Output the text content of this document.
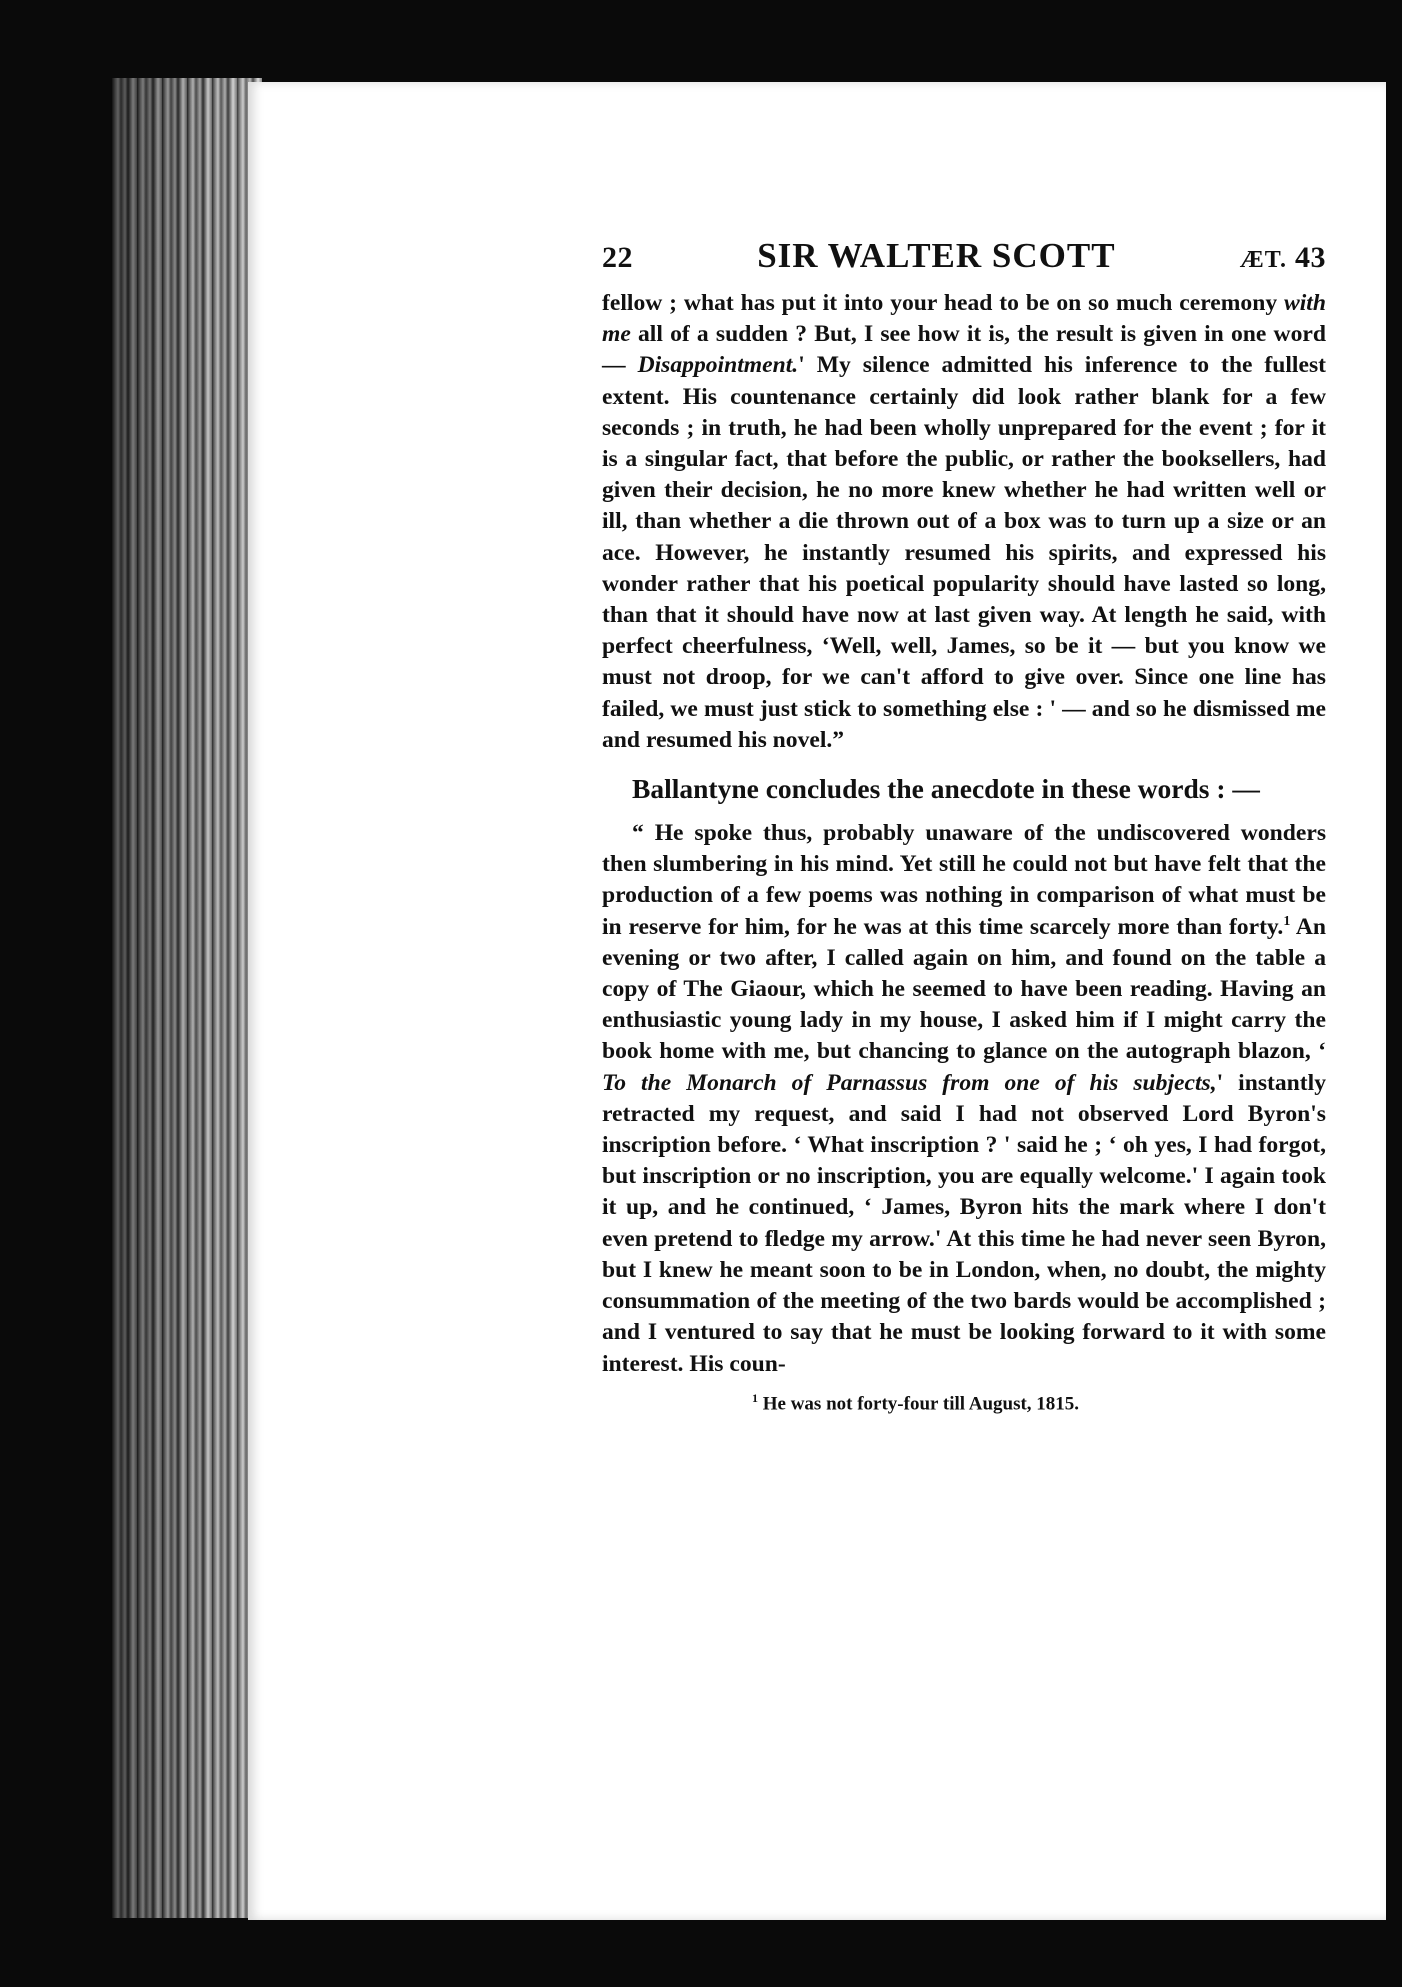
22	SIR WALTER SCOTT	ÆT. 43

fellow ; what has put it into your head to be on so much ceremony with me all of a sudden ? But, I see how it is, the result is given in one word — Disappointment.' My silence admitted his inference to the fullest extent. His countenance certainly did look rather blank for a few seconds ; in truth, he had been wholly unprepared for the event ; for it is a singular fact, that before the public, or rather the booksellers, had given their decision, he no more knew whether he had written well or ill, than whether a die thrown out of a box was to turn up a size or an ace. However, he instantly resumed his spirits, and expressed his wonder rather that his poetical popularity should have lasted so long, than that it should have now at last given way. At length he said, with perfect cheerfulness, ‘Well, well, James, so be it — but you know we must not droop, for we can't afford to give over. Since one line has failed, we must just stick to something else : ' — and so he dismissed me and resumed his novel.”

Ballantyne concludes the anecdote in these words : —

“ He spoke thus, probably unaware of the undiscovered wonders then slumbering in his mind. Yet still he could not but have felt that the production of a few poems was nothing in comparison of what must be in reserve for him, for he was at this time scarcely more than forty.$^1$ An evening or two after, I called again on him, and found on the table a copy of The Giaour, which he seemed to have been reading. Having an enthusiastic young lady in my house, I asked him if I might carry the book home with me, but chancing to glance on the autograph blazon, ‘ To the Monarch of Parnassus from one of his subjects,' instantly retracted my request, and said I had not observed Lord Byron's inscription before. ‘ What inscription ? ' said he ; ‘ oh yes, I had forgot, but inscription or no inscription, you are equally welcome.' I again took it up, and he continued, ‘ James, Byron hits the mark where I don't even pretend to fledge my arrow.' At this time he had never seen Byron, but I knew he meant soon to be in London, when, no doubt, the mighty consummation of the meeting of the two bards would be accomplished ; and I ventured to say that he must be looking forward to it with some interest. His coun-

$^1$ He was not forty-four till August, 1815.
